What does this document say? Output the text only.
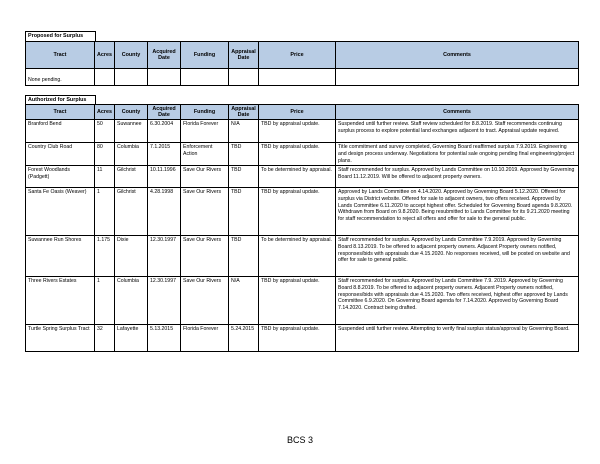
Proposed for Surplus
Tract	Acres	County	Acquired Date	Funding	Appraisal Date	Price	Comments
None pending.							
Authorized for Surplus
Tract	Acres	County	Acquired Date	Funding	Appraisal Date	Price	Comments
Branford Bend	50	Suwannee	6.30.2004	Florida Forever	N/A	TBD by appraisal update.	Suspended until further review. Staff review scheduled for 8.8.2019. Staff recommends continuing surplus process to explore potential land exchanges adjacent to tract. Appraisal update required.

Country Club Road	80	Columbia	7.1.2015	Enforcement Action	TBD	TBD by appraisal update.	Title commitment and survey completed, Governing Board reaffirmed surplus 7.9.2019. Engineering and design process underway. Negotiations for potential sale ongoing pending final engineering/project plans.

Forest Woodlands (Padgett)	11	Gilchrist	10.11.1996	Save Our Rivers	TBD	To be determined by appraisal.	Staff recommended for surplus. Approved by Lands Committee on 10.10.2019. Approved by Governing Board 11.12.2019. Will be offered to adjacent property owners.
Santa Fe Oasis (Weaver)	1	Gilchrist	4.28.1998	Save Our Rivers	TBD	TBD by appraisal update.	Approved by Lands Committee on 4.14.2020. Approved by Governing Board 5.12.2020. Offered for surplus via District website. Offered for sale to adjacent owners, two offers received. Approved by Lands Committee 6.11.2020 to accept highest offer. Scheduled for Governing Board agenda 9.8.2020. Withdrawn from Board on 9.8.2020. Being resubmitted to Lands Committee for its 9.21.2020 meeting for staff recommendation to reject all offers and offer for sale to the general public.
Suwannee Run Shores	1.175	Dixie	12.30.1997	Save Our Rivers	TBD	To be determined by appraisal.	Staff recommended for surplus. Approved by Lands Committee 7.9.2019. Approved by Governing Board 8.13.2019. To be offered to adjacent property owners. Adjacent Property owners notified, responses/bids with appraisals due 4.15.2020. No responses received, will be posted on website and offer for sale to general public.
Three Rivers Estates	1	Columbia	12.30.1997	Save Our Rivers	N/A	TBD by appraisal update.	Staff recommended for surplus. Approved by Lands Committee 7.9. 2019. Approved by Governing Board 8.8.2019. To be offered to adjacent property owners. Adjacent Property owners notified, responses/bids with appraisals due 4.15.2020. Two offers received, highest offer approved by Lands Committee 6.9.2020. On Governing Board agenda for 7.14.2020. Approved by Governing Board 7.14.2020. Contract being drafted.
Turtle Spring Surplus Tract	32	Lafayette	5.13.2015	Florida Forever	5.24.2015	TBD by appraisal update.	Suspended until further review. Attempting to verify final surplus status/approval by Governing Board.
BCS 3
